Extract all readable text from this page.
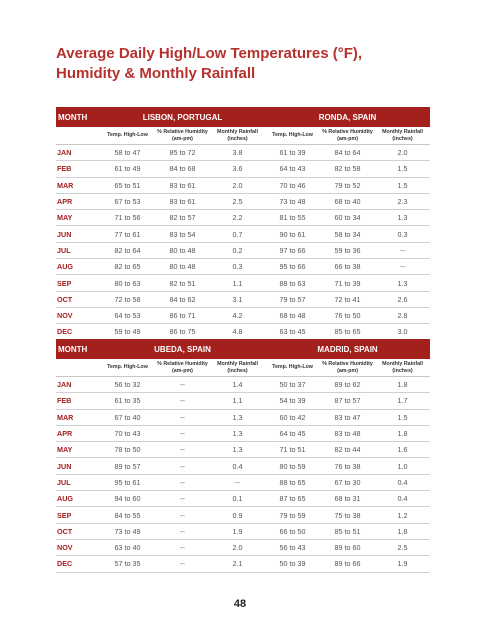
Average Daily High/Low Temperatures (°F),
Humidity & Monthly Rainfall
MONTH	LISBON, PORTUGAL			RONDA, SPAIN		
	Temp. High-Low	% Relative Humidity (am-pm)	Monthly Rainfall (inches)	Temp. High-Low	% Relative Humidity (am-pm)	Monthly Rainfall (inches)
JAN	58 to 47	85 to 72	3.8	61 to 39	84 to 64	2.0
FEB	61 to 49	84 to 68	3.6	64 to 43	82 to 58	1.5
MAR	65 to 51	83 to 61	2.0	70 to 46	79 to 52	1.5
APR	67 to 53	83 to 61	2.5	73 to 48	68 to 40	2.3
MAY	71 to 56	82 to 57	2.2	81 to 55	60 to 34	1.3
JUN	77 to 61	83 to 54	0.7	90 to 61	58 to 34	0.3
JUL	82 to 64	80 to 48	0.2	97 to 66	59 to 36	--
AUG	82 to 65	80 to 48	0.3	95 to 66	66 to 38	--
SEP	80 to 63	82 to 51	1.1	88 to 63	71 to 39	1.3
OCT	72 to 58	84 to 62	3.1	79 to 57	72 to 41	2.6
NOV	64 to 53	86 to 71	4.2	68 to 48	76 to 50	2.8
DEC	59 to 49	86 to 75	4.8	63 to 45	85 to 65	3.0
MONTH	UBEDA, SPAIN			MADRID, SPAIN		
	Temp. High-Low	% Relative Humidity (am-pm)	Monthly Rainfall (inches)	Temp. High-Low	% Relative Humidity (am-pm)	Monthly Rainfall (inches)
JAN	56 to 32	--	1.4	50 to 37	89 to 62	1.8
FEB	61 to 35	--	1.1	54 to 39	87 to 57	1.7
MAR	67 to 40	--	1.3	60 to 42	83 to 47	1.5
APR	70 to 43	--	1.3	64 to 45	83 to 48	1.8
MAY	78 to 50	--	1.3	71 to 51	82 to 44	1.6
JUN	89 to 57	--	0.4	80 to 59	76 to 38	1.0
JUL	95 to 61	--	--	88 to 65	67 to 30	0.4
AUG	94 to 60	--	0.1	87 to 65	68 to 31	0.4
SEP	84 to 55	--	0.9	79 to 59	75 to 38	1.2
OCT	73 to 49	--	1.9	66 to 50	85 to 51	1.8
NOV	63 to 40	--	2.0	56 to 43	89 to 60	2.5
DEC	57 to 35	--	2.1	50 to 39	89 to 66	1.9
48
